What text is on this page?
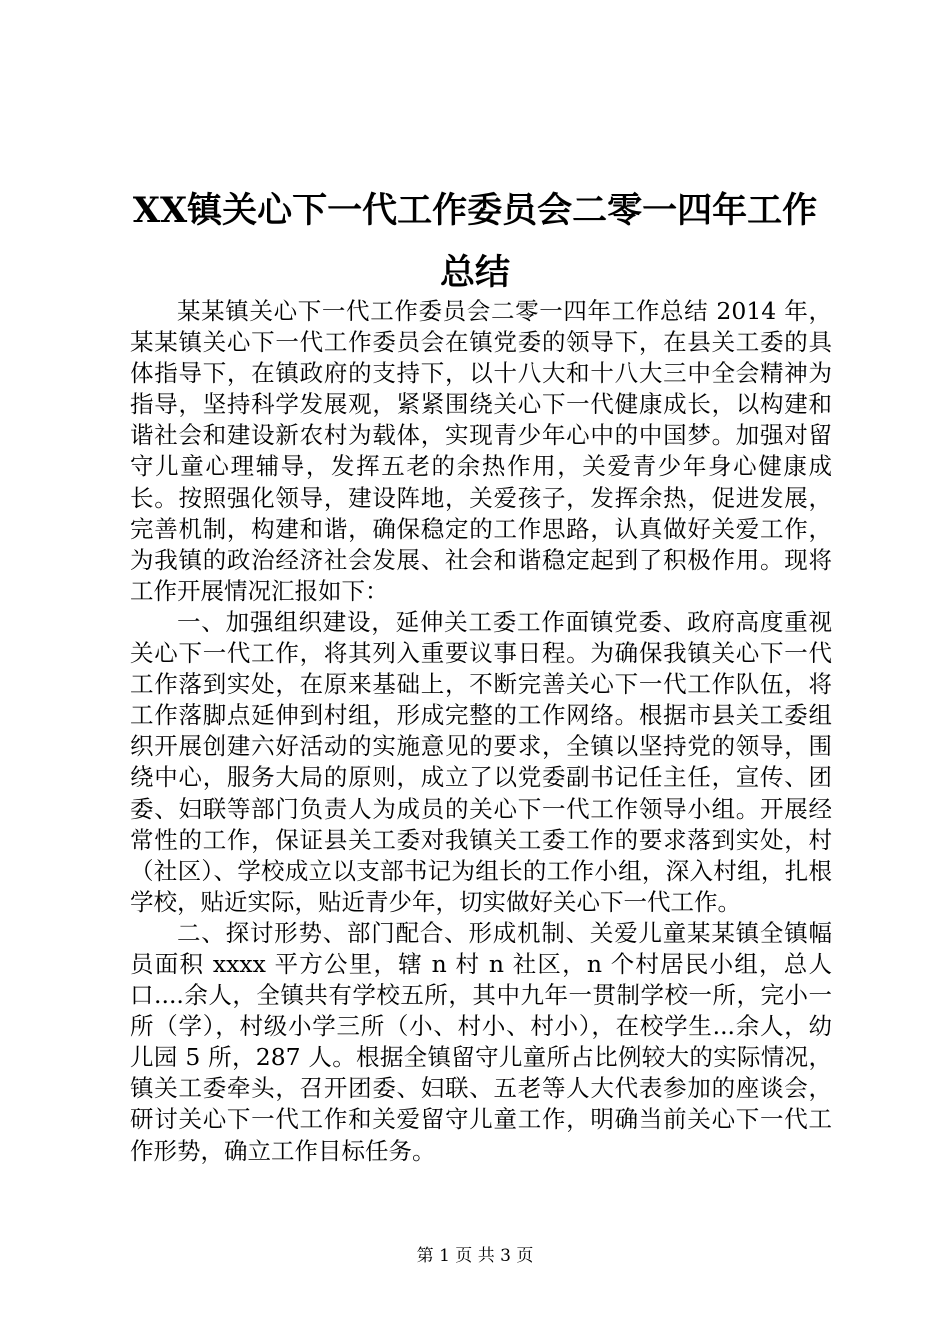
XX镇关心下一代工作委员会二零一四年工作
总结

某某镇关心下一代工作委员会二零一四年工作总结 2014 年，某某镇关心下一代工作委员会在镇党委的领导下，在县关工委的具体指导下，在镇政府的支持下，以十八大和十八大三中全会精神为指导，坚持科学发展观，紧紧围绕关心下一代健康成长，以构建和谐社会和建设新农村为载体，实现青少年心中的中国梦。加强对留守儿童心理辅导，发挥五老的余热作用，关爱青少年身心健康成长。按照强化领导，建设阵地，关爱孩子，发挥余热，促进发展，完善机制，构建和谐，确保稳定的工作思路，认真做好关爱工作，为我镇的政治经济社会发展、社会和谐稳定起到了积极作用。现将工作开展情况汇报如下：

一、加强组织建设，延伸关工委工作面镇党委、政府高度重视关心下一代工作，将其列入重要议事日程。为确保我镇关心下一代工作落到实处，在原来基础上，不断完善关心下一代工作队伍，将工作落脚点延伸到村组，形成完整的工作网络。根据市县关工委组织开展创建六好活动的实施意见的要求，全镇以坚持党的领导，围绕中心，服务大局的原则，成立了以党委副书记任主任，宣传、团委、妇联等部门负责人为成员的关心下一代工作领导小组。开展经常性的工作，保证县关工委对我镇关工委工作的要求落到实处，村（社区）、学校成立以支部书记为组长的工作小组，深入村组，扎根学校，贴近实际，贴近青少年，切实做好关心下一代工作。

二、探讨形势、部门配合、形成机制、关爱儿童某某镇全镇幅员面积 xxxx 平方公里，辖 n 村 n 社区，n 个村居民小组，总人口....余人，全镇共有学校五所，其中九年一贯制学校一所，完小一所（学），村级小学三所（小、村小、村小），在校学生...余人，幼儿园 5 所，287 人。根据全镇留守儿童所占比例较大的实际情况，镇关工委牵头，召开团委、妇联、五老等人大代表参加的座谈会，研讨关心下一代工作和关爱留守儿童工作，明确当前关心下一代工作形势，确立工作目标任务。

第 1 页 共 3 页
